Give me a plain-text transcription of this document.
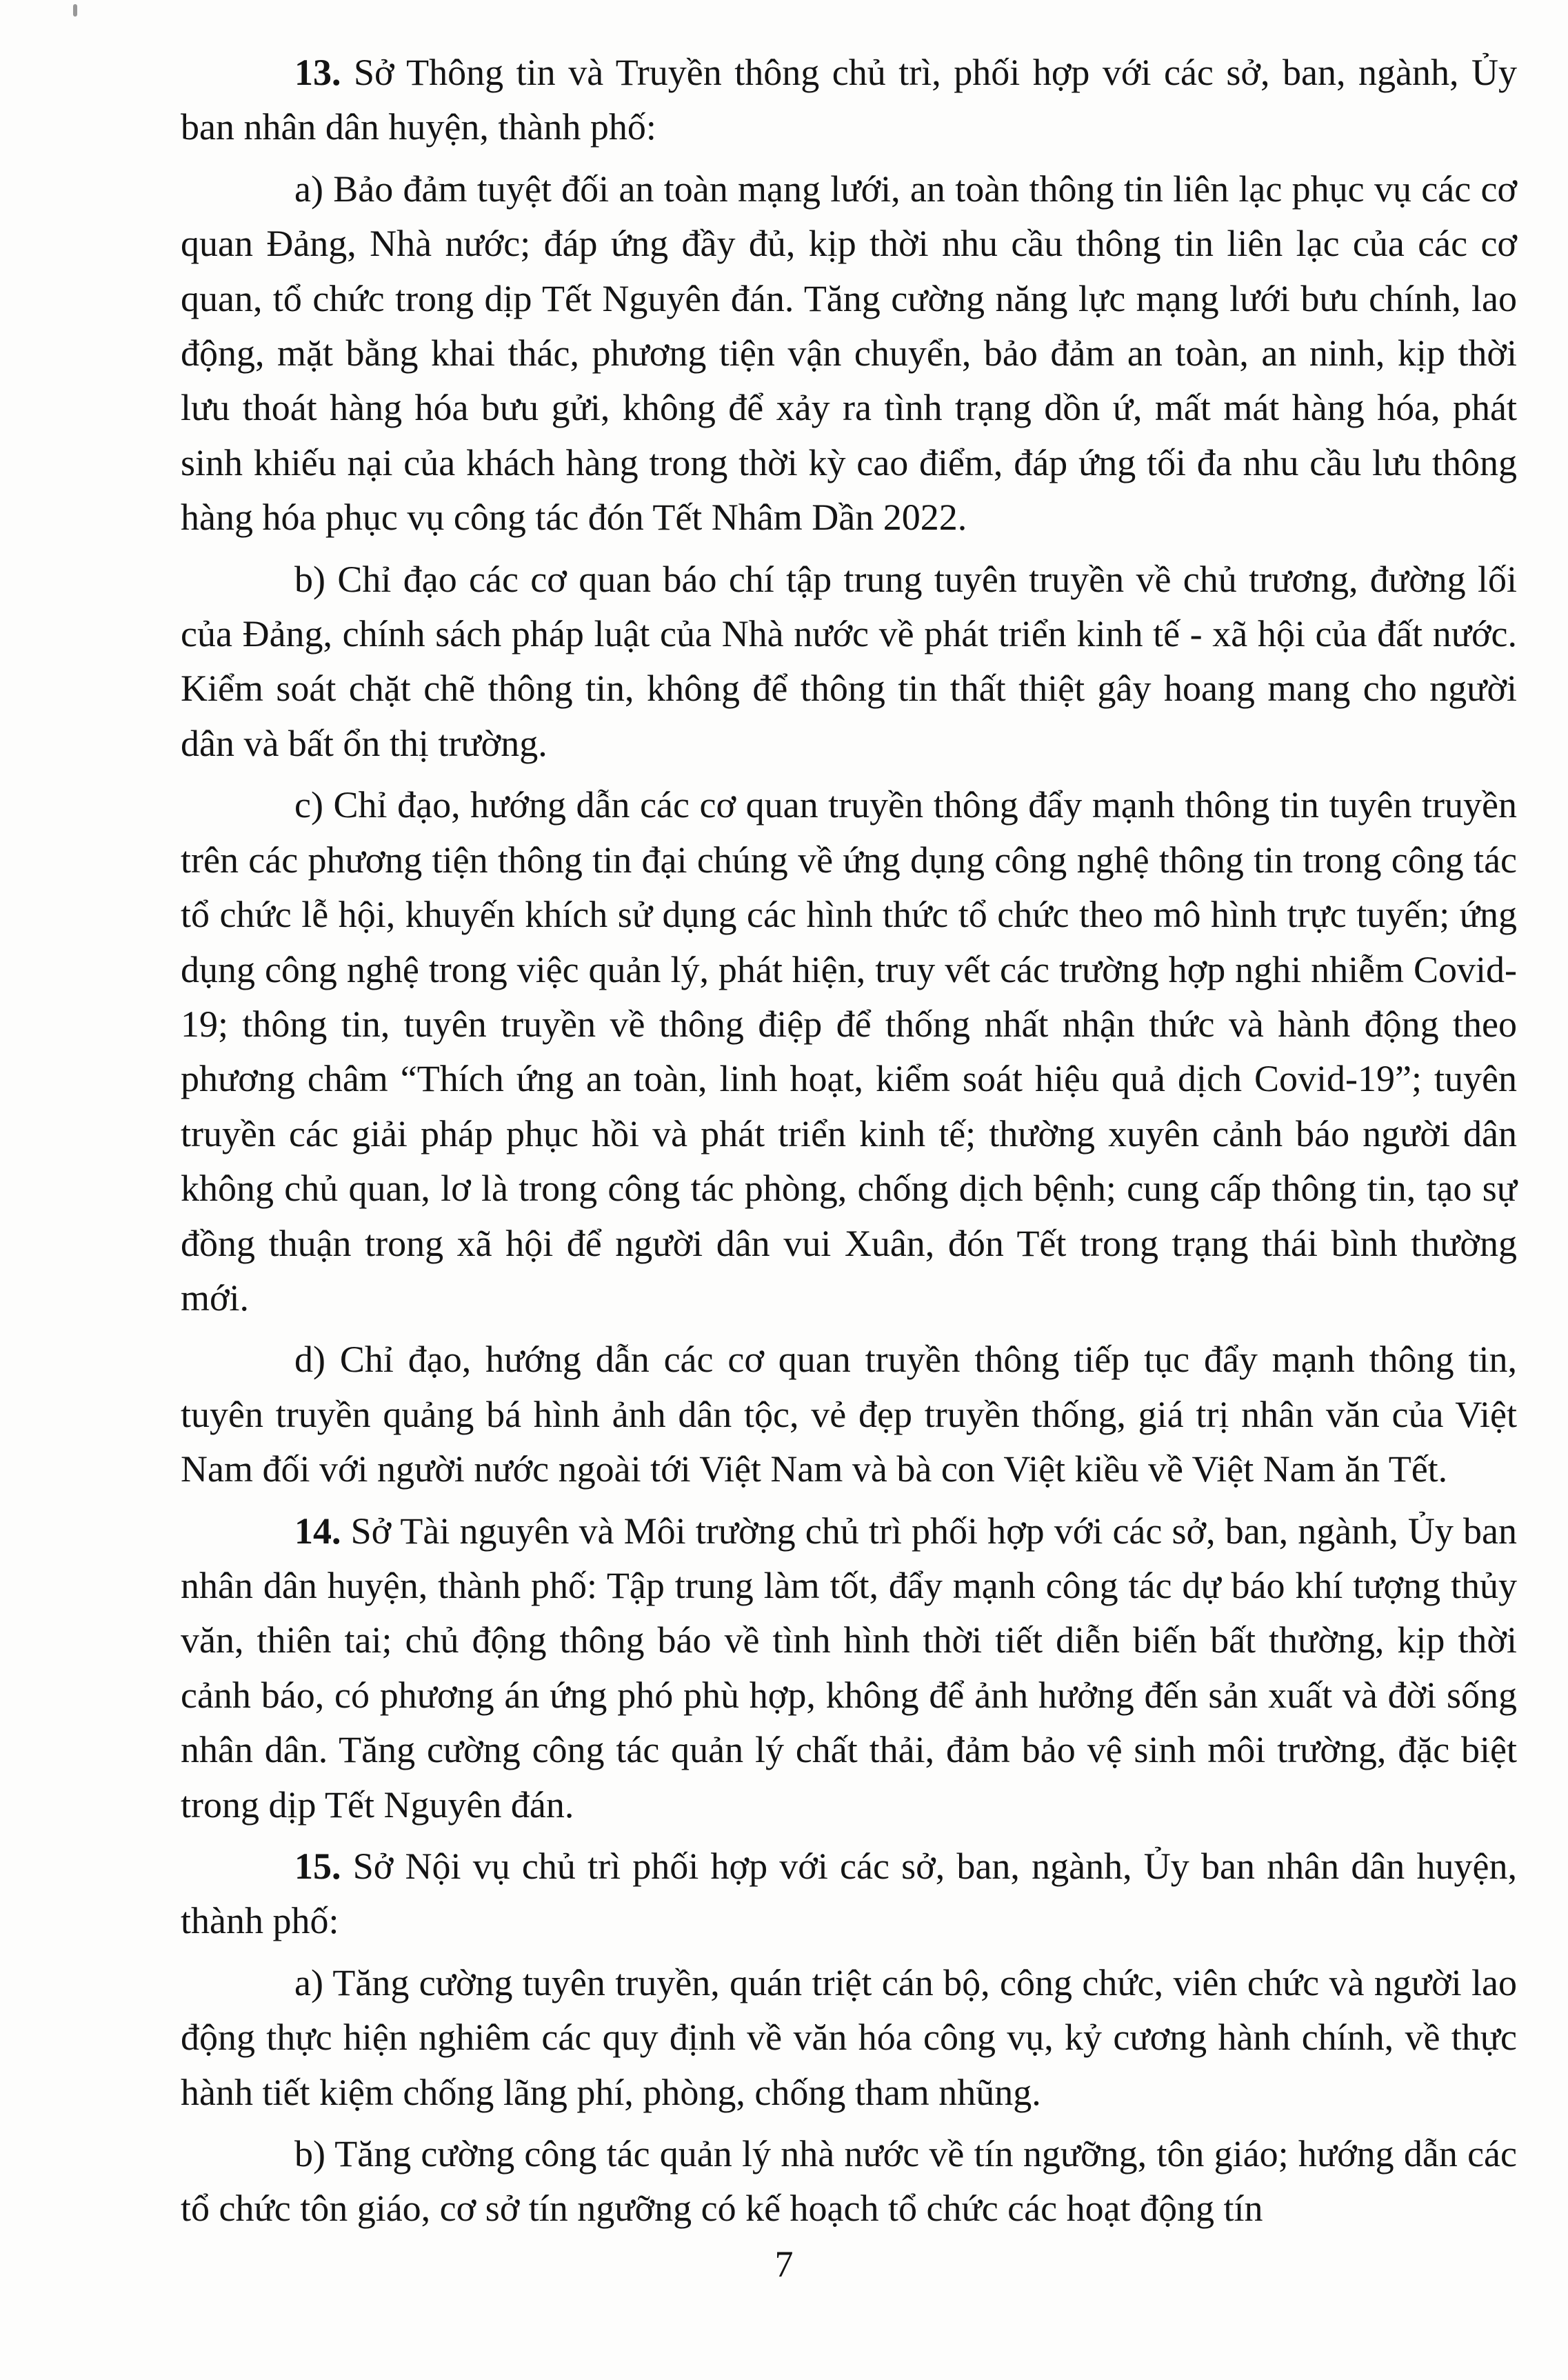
13. Sở Thông tin và Truyền thông chủ trì, phối hợp với các sở, ban, ngành, Ủy ban nhân dân huyện, thành phố:

a) Bảo đảm tuyệt đối an toàn mạng lưới, an toàn thông tin liên lạc phục vụ các cơ quan Đảng, Nhà nước; đáp ứng đầy đủ, kịp thời nhu cầu thông tin liên lạc của các cơ quan, tổ chức trong dịp Tết Nguyên đán. Tăng cường năng lực mạng lưới bưu chính, lao động, mặt bằng khai thác, phương tiện vận chuyển, bảo đảm an toàn, an ninh, kịp thời lưu thoát hàng hóa bưu gửi, không để xảy ra tình trạng dồn ứ, mất mát hàng hóa, phát sinh khiếu nại của khách hàng trong thời kỳ cao điểm, đáp ứng tối đa nhu cầu lưu thông hàng hóa phục vụ công tác đón Tết Nhâm Dần 2022.

b) Chỉ đạo các cơ quan báo chí tập trung tuyên truyền về chủ trương, đường lối của Đảng, chính sách pháp luật của Nhà nước về phát triển kinh tế - xã hội của đất nước. Kiểm soát chặt chẽ thông tin, không để thông tin thất thiệt gây hoang mang cho người dân và bất ổn thị trường.

c) Chỉ đạo, hướng dẫn các cơ quan truyền thông đẩy mạnh thông tin tuyên truyền trên các phương tiện thông tin đại chúng về ứng dụng công nghệ thông tin trong công tác tổ chức lễ hội, khuyến khích sử dụng các hình thức tổ chức theo mô hình trực tuyến; ứng dụng công nghệ trong việc quản lý, phát hiện, truy vết các trường hợp nghi nhiễm Covid-19; thông tin, tuyên truyền về thông điệp để thống nhất nhận thức và hành động theo phương châm “Thích ứng an toàn, linh hoạt, kiểm soát hiệu quả dịch Covid-19”; tuyên truyền các giải pháp phục hồi và phát triển kinh tế; thường xuyên cảnh báo người dân không chủ quan, lơ là trong công tác phòng, chống dịch bệnh; cung cấp thông tin, tạo sự đồng thuận trong xã hội để người dân vui Xuân, đón Tết trong trạng thái bình thường mới.

d) Chỉ đạo, hướng dẫn các cơ quan truyền thông tiếp tục đẩy mạnh thông tin, tuyên truyền quảng bá hình ảnh dân tộc, vẻ đẹp truyền thống, giá trị nhân văn của Việt Nam đối với người nước ngoài tới Việt Nam và bà con Việt kiều về Việt Nam ăn Tết.

14. Sở Tài nguyên và Môi trường chủ trì phối hợp với các sở, ban, ngành, Ủy ban nhân dân huyện, thành phố: Tập trung làm tốt, đẩy mạnh công tác dự báo khí tượng thủy văn, thiên tai; chủ động thông báo về tình hình thời tiết diễn biến bất thường, kịp thời cảnh báo, có phương án ứng phó phù hợp, không để ảnh hưởng đến sản xuất và đời sống nhân dân. Tăng cường công tác quản lý chất thải, đảm bảo vệ sinh môi trường, đặc biệt trong dịp Tết Nguyên đán.

15. Sở Nội vụ chủ trì phối hợp với các sở, ban, ngành, Ủy ban nhân dân huyện, thành phố:

a) Tăng cường tuyên truyền, quán triệt cán bộ, công chức, viên chức và người lao động thực hiện nghiêm các quy định về văn hóa công vụ, kỷ cương hành chính, về thực hành tiết kiệm chống lãng phí, phòng, chống tham nhũng.

b) Tăng cường công tác quản lý nhà nước về tín ngưỡng, tôn giáo; hướng dẫn các tổ chức tôn giáo, cơ sở tín ngưỡng có kế hoạch tổ chức các hoạt động tín

7
